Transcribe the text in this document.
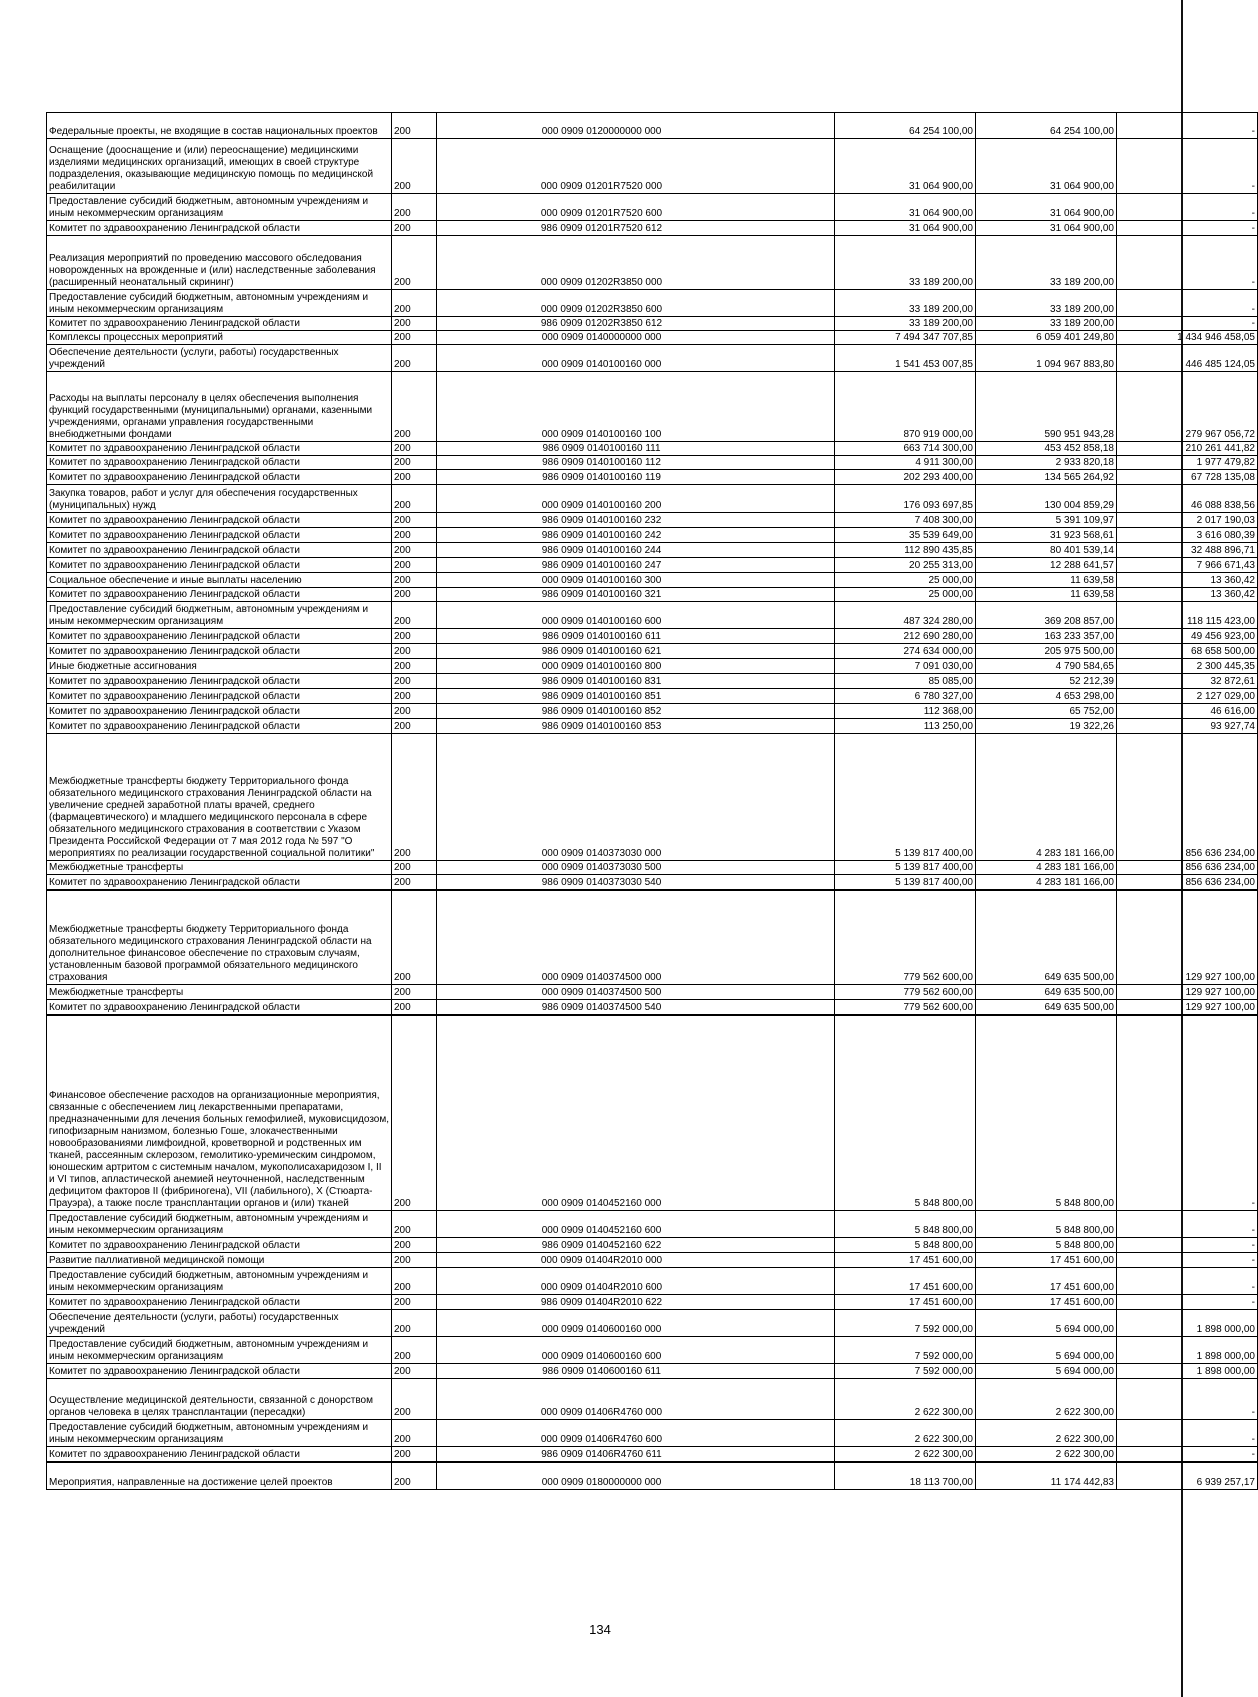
Федеральные проекты, не входящие в состав национальных проектов	200	000 0909 0120000000 000	64 254 100,00	64 254 100,00	-
Оснащение (дооснащение и (или) переоснащение) медицинскими изделиями медицинских организаций, имеющих в своей структуре подразделения, оказывающие медицинскую помощь по медицинской реабилитации	200	000 0909 01201R7520 000	31 064 900,00	31 064 900,00	-
Предоставление субсидий бюджетным, автономным учреждениям и иным некоммерческим организациям	200	000 0909 01201R7520 600	31 064 900,00	31 064 900,00	-
Комитет по здравоохранению Ленинградской области	200	986 0909 01201R7520 612	31 064 900,00	31 064 900,00	-
Реализация мероприятий по проведению массового обследования новорожденных на врожденные и (или) наследственные заболевания (расширенный неонатальный скрининг)	200	000 0909 01202R3850 000	33 189 200,00	33 189 200,00	-
Предоставление субсидий бюджетным, автономным учреждениям и иным некоммерческим организациям	200	000 0909 01202R3850 600	33 189 200,00	33 189 200,00	-
Комитет по здравоохранению Ленинградской области	200	986 0909 01202R3850 612	33 189 200,00	33 189 200,00	-
Комплексы процессных мероприятий	200	000 0909 0140000000 000	7 494 347 707,85	6 059 401 249,80	1 434 946 458,05
Обеспечение деятельности (услуги, работы) государственных учреждений	200	000 0909 0140100160 000	1 541 453 007,85	1 094 967 883,80	446 485 124,05
Расходы на выплаты персоналу в целях обеспечения выполнения функций государственными (муниципальными) органами, казенными учреждениями, органами управления государственными внебюджетными фондами	200	000 0909 0140100160 100	870 919 000,00	590 951 943,28	279 967 056,72
Комитет по здравоохранению Ленинградской области	200	986 0909 0140100160 111	663 714 300,00	453 452 858,18	210 261 441,82
Комитет по здравоохранению Ленинградской области	200	986 0909 0140100160 112	4 911 300,00	2 933 820,18	1 977 479,82
Комитет по здравоохранению Ленинградской области	200	986 0909 0140100160 119	202 293 400,00	134 565 264,92	67 728 135,08
Закупка товаров, работ и услуг для обеспечения государственных (муниципальных) нужд	200	000 0909 0140100160 200	176 093 697,85	130 004 859,29	46 088 838,56
Комитет по здравоохранению Ленинградской области	200	986 0909 0140100160 232	7 408 300,00	5 391 109,97	2 017 190,03
Комитет по здравоохранению Ленинградской области	200	986 0909 0140100160 242	35 539 649,00	31 923 568,61	3 616 080,39
Комитет по здравоохранению Ленинградской области	200	986 0909 0140100160 244	112 890 435,85	80 401 539,14	32 488 896,71
Комитет по здравоохранению Ленинградской области	200	986 0909 0140100160 247	20 255 313,00	12 288 641,57	7 966 671,43
Социальное обеспечение и иные выплаты населению	200	000 0909 0140100160 300	25 000,00	11 639,58	13 360,42
Комитет по здравоохранению Ленинградской области	200	986 0909 0140100160 321	25 000,00	11 639,58	13 360,42
Предоставление субсидий бюджетным, автономным учреждениям и иным некоммерческим организациям	200	000 0909 0140100160 600	487 324 280,00	369 208 857,00	118 115 423,00
Комитет по здравоохранению Ленинградской области	200	986 0909 0140100160 611	212 690 280,00	163 233 357,00	49 456 923,00
Комитет по здравоохранению Ленинградской области	200	986 0909 0140100160 621	274 634 000,00	205 975 500,00	68 658 500,00
Иные бюджетные ассигнования	200	000 0909 0140100160 800	7 091 030,00	4 790 584,65	2 300 445,35
Комитет по здравоохранению Ленинградской области	200	986 0909 0140100160 831	85 085,00	52 212,39	32 872,61
Комитет по здравоохранению Ленинградской области	200	986 0909 0140100160 851	6 780 327,00	4 653 298,00	2 127 029,00
Комитет по здравоохранению Ленинградской области	200	986 0909 0140100160 852	112 368,00	65 752,00	46 616,00
Комитет по здравоохранению Ленинградской области	200	986 0909 0140100160 853	113 250,00	19 322,26	93 927,74
Межбюджетные трансферты бюджету Территориального фонда обязательного медицинского страхования Ленинградской области на увеличение средней заработной платы врачей, среднего (фармацевтического) и младшего медицинского персонала в сфере обязательного медицинского страхования в соответствии с Указом Президента Российской Федерации от 7 мая 2012 года № 597 "О мероприятиях по реализации государственной социальной политики"	200	000 0909 0140373030 000	5 139 817 400,00	4 283 181 166,00	856 636 234,00
Межбюджетные трансферты	200	000 0909 0140373030 500	5 139 817 400,00	4 283 181 166,00	856 636 234,00
Комитет по здравоохранению Ленинградской области	200	986 0909 0140373030 540	5 139 817 400,00	4 283 181 166,00	856 636 234,00
Межбюджетные трансферты бюджету Территориального фонда обязательного медицинского страхования Ленинградской области на дополнительное финансовое обеспечение по страховым случаям, установленным базовой программой обязательного медицинского страхования	200	000 0909 0140374500 000	779 562 600,00	649 635 500,00	129 927 100,00
Межбюджетные трансферты	200	000 0909 0140374500 500	779 562 600,00	649 635 500,00	129 927 100,00
Комитет по здравоохранению Ленинградской области	200	986 0909 0140374500 540	779 562 600,00	649 635 500,00	129 927 100,00
Финансовое обеспечение расходов на организационные мероприятия, связанные с обеспечением лиц лекарственными препаратами, предназначенными для лечения больных гемофилией, муковисцидозом, гипофизарным нанизмом, болезнью Гоше, злокачественными новообразованиями лимфоидной, кроветворной и родственных им тканей, рассеянным склерозом, гемолитико-уремическим синдромом, юношеским артритом с системным началом, мукополисахаридозом I, II и VI типов, апластической анемией неуточненной, наследственным дефицитом факторов II (фибриногена), VII (лабильного), X (Стюарта-Прауэра), а также после трансплантации органов и (или) тканей	200	000 0909 0140452160 000	5 848 800,00	5 848 800,00	-
Предоставление субсидий бюджетным, автономным учреждениям и иным некоммерческим организациям	200	000 0909 0140452160 600	5 848 800,00	5 848 800,00	-
Комитет по здравоохранению Ленинградской области	200	986 0909 0140452160 622	5 848 800,00	5 848 800,00	-
Развитие паллиативной медицинской помощи	200	000 0909 01404R2010 000	17 451 600,00	17 451 600,00	-
Предоставление субсидий бюджетным, автономным учреждениям и иным некоммерческим организациям	200	000 0909 01404R2010 600	17 451 600,00	17 451 600,00	-
Комитет по здравоохранению Ленинградской области	200	986 0909 01404R2010 622	17 451 600,00	17 451 600,00	-
Обеспечение деятельности (услуги, работы) государственных учреждений	200	000 0909 0140600160 000	7 592 000,00	5 694 000,00	1 898 000,00
Предоставление субсидий бюджетным, автономным учреждениям и иным некоммерческим организациям	200	000 0909 0140600160 600	7 592 000,00	5 694 000,00	1 898 000,00
Комитет по здравоохранению Ленинградской области	200	986 0909 0140600160 611	7 592 000,00	5 694 000,00	1 898 000,00
Осуществление медицинской деятельности, связанной с донорством органов человека в целях трансплантации (пересадки)	200	000 0909 01406R4760 000	2 622 300,00	2 622 300,00	-
Предоставление субсидий бюджетным, автономным учреждениям и иным некоммерческим организациям	200	000 0909 01406R4760 600	2 622 300,00	2 622 300,00	-
Комитет по здравоохранению Ленинградской области	200	986 0909 01406R4760 611	2 622 300,00	2 622 300,00	-
Мероприятия, направленные на достижение целей проектов	200	000 0909 0180000000 000	18 113 700,00	11 174 442,83	6 939 257,17
134
